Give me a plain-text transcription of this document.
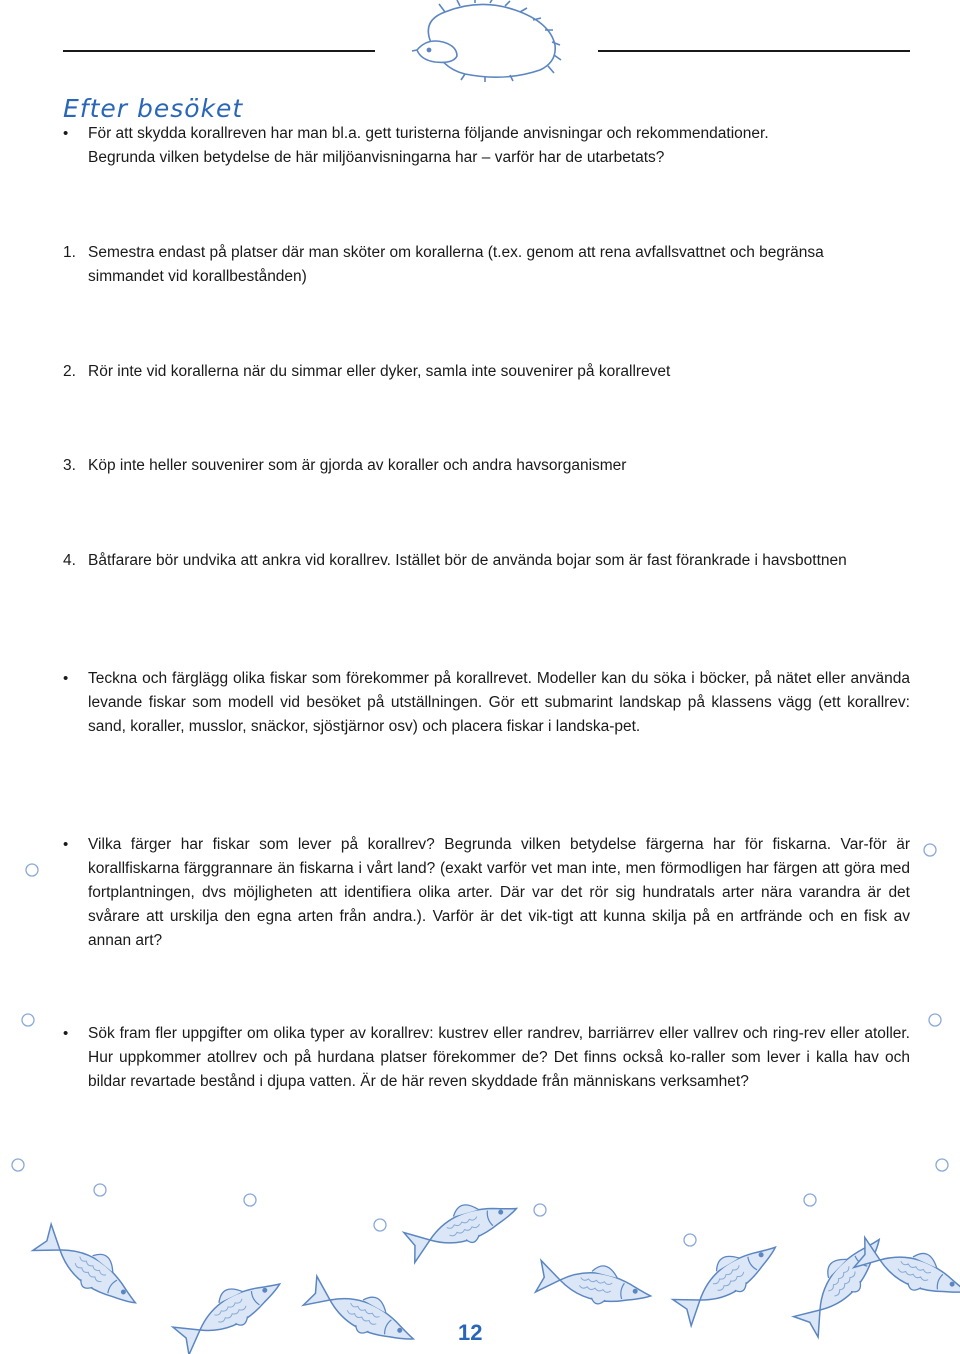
Efter besöket
• För att skydda korallreven har man bl.a. gett turisterna följande anvisningar och rekommendationer.

Begrunda vilken betydelse de här miljöanvisningarna har – varför har de utarbetats?

1. Semestra endast på platser där man sköter om korallerna (t.ex. genom att rena avfallsvattnet och begränsa simmandet vid korallbestånden)

2. Rör inte vid korallerna när du simmar eller dyker, samla inte souvenirer på korallrevet

3. Köp inte heller souvenirer som är gjorda av koraller och andra havsorganismer

4. Båtfarare bör undvika att ankra vid korallrev. Istället bör de använda bojar som är fast förankrade i havsbottnen

• Teckna och färglägg olika fiskar som förekommer på korallrevet. Modeller kan du söka i böcker, på nätet eller använda levande fiskar som modell vid besöket på utställningen. Gör ett submarint landskap på klassens vägg (ett korallrev: sand, koraller, musslor, snäckor, sjöstjärnor osv) och placera fiskar i landska-pet.

• Vilka färger har fiskar som lever på korallrev? Begrunda vilken betydelse färgerna har för fiskarna. Var-för är korallfiskarna färggrannare än fiskarna i vårt land? (exakt varför vet man inte, men förmodligen har färgen att göra med fortplantningen, dvs möjligheten att identifiera olika arter. Där var det rör sig hundratals arter nära varandra är det svårare att urskilja den egna arten från andra.). Varför är det vik-tigt att kunna skilja på en artfrände och en fisk av annan art?

• Sök fram fler uppgifter om olika typer av korallrev: kustrev eller randrev, barriärrev eller vallrev och ring-rev eller atoller. Hur uppkommer atollrev och på hurdana platser förekommer de? Det finns också ko-raller som lever i kalla hav och bildar revartade bestånd i djupa vatten. Är de här reven skyddade från människans verksamhet?

12
